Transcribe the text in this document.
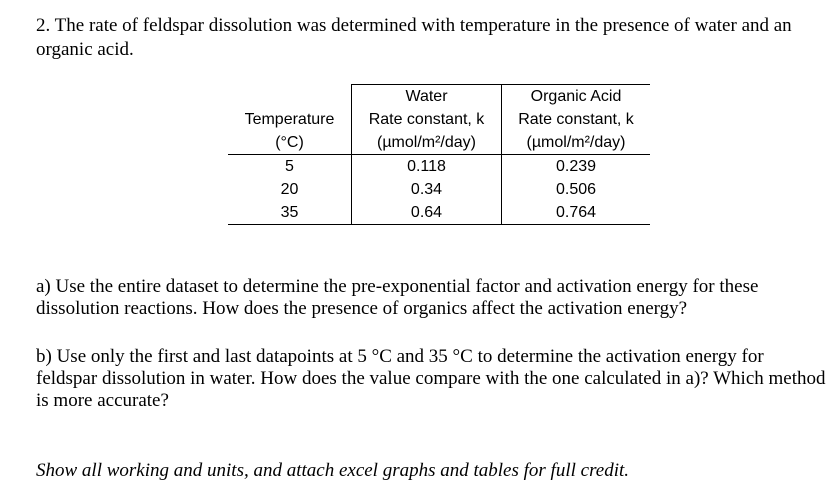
2. The rate of feldspar dissolution was determined with temperature in the presence of water and an organic acid.
	Water	Organic Acid
Temperature	Rate constant, k	Rate constant, k
(°C)	(µmol/m²/day)	(µmol/m²/day)
5	0.118	0.239
20	0.34	0.506
35	0.64	0.764
a) Use the entire dataset to determine the pre-exponential factor and activation energy for these dissolution reactions. How does the presence of organics affect the activation energy?
b) Use only the first and last datapoints at 5 °C and 35 °C to determine the activation energy for feldspar dissolution in water. How does the value compare with the one calculated in a)? Which method is more accurate?
Show all working and units, and attach excel graphs and tables for full credit.
